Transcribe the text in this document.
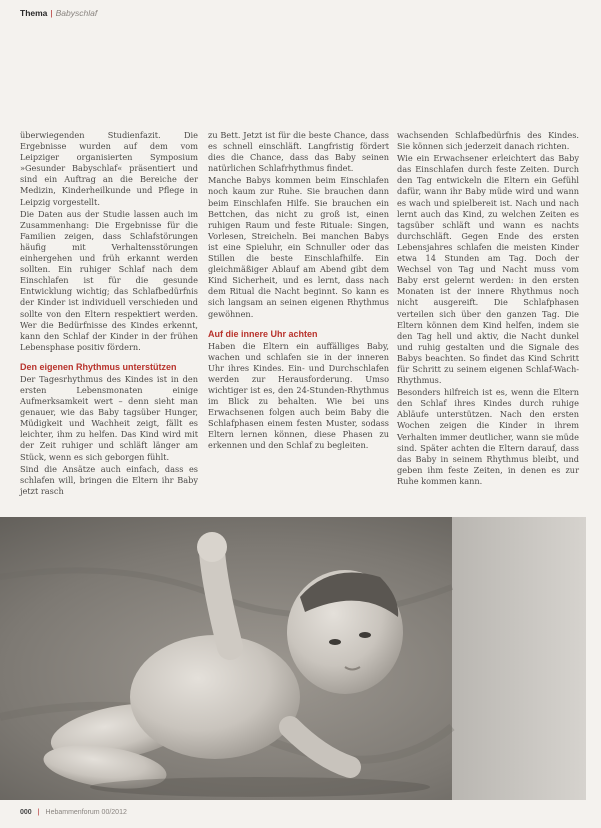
Thema | Babyschlaf

überwiegenden Studienfazit. Die Ergebnisse wurden auf dem vom Leipziger organisierten Symposium »Gesunder Babyschlaf« präsentiert und sind ein Auftrag an die Bereiche der Medizin, Kinderheilkunde und Pflege in Leipzig vorgestellt.

Die Daten aus der Studie lassen auch im Zusammenhang: Die Ergebnisse für die Familien zeigen, dass Schlafstörungen häufig mit Verhaltensstörungen einhergehen und früh erkannt werden sollten. Ein ruhiger Schlaf nach dem Einschlafen ist für die gesunde Entwicklung wichtig; das Schlafbedürfnis der Kinder ist individuell verschieden und sollte von den Eltern respektiert werden. Wer die Bedürfnisse des Kindes erkennt, kann den Schlaf der Kinder in der frühen Lebensphase positiv fördern.

Den eigenen Rhythmus unterstützen

Der Tagesrhythmus des Kindes ist in den ersten Lebensmonaten einige Aufmerksamkeit wert – denn sieht man genauer, wie das Baby tagsüber Hunger, Müdigkeit und Wachheit zeigt, fällt es leichter, ihm zu helfen. Das Kind wird mit der Zeit ruhiger und schläft länger am Stück, wenn es sich geborgen fühlt.

Sind die Ansätze auch einfach, dass es schlafen will, bringen die Eltern ihr Baby jetzt rasch

zu Bett. Jetzt ist für die beste Chance, dass es schnell einschläft. Langfristig fördert dies die Chance, dass das Baby seinen natürlichen Schlafrhythmus findet.

Manche Babys kommen beim Einschlafen noch kaum zur Ruhe. Sie brauchen dann beim Einschlafen Hilfe. Sie brauchen ein Bettchen, das nicht zu groß ist, einen ruhigen Raum und feste Rituale: Singen, Vorlesen, Streicheln. Bei manchen Babys ist eine Spieluhr, ein Schnuller oder das Stillen die beste Einschlafhilfe. Ein gleichmäßiger Ablauf am Abend gibt dem Kind Sicherheit, und es lernt, dass nach dem Ritual die Nacht beginnt. So kann es sich langsam an seinen eigenen Rhythmus gewöhnen.

Auf die innere Uhr achten

Haben die Eltern ein auffälliges Baby, wachen und schlafen sie in der inneren Uhr ihres Kindes. Ein- und Durchschlafen werden zur Herausforderung. Umso wichtiger ist es, den 24-Stunden-Rhythmus im Blick zu behalten. Wie bei uns Erwachsenen folgen auch beim Baby die Schlafphasen einem festen Muster, sodass Eltern lernen können, diese Phasen zu erkennen und den Schlaf zu begleiten.

wachsenden Schlafbedürfnis des Kindes. Sie können sich jederzeit danach richten.

Wie ein Erwachsener erleichtert das Baby das Einschlafen durch feste Zeiten. Durch den Tag entwickeln die Eltern ein Gefühl dafür, wann ihr Baby müde wird und wann es wach und spielbereit ist. Nach und nach lernt auch das Kind, zu welchen Zeiten es tagsüber schläft und wann es nachts durchschläft. Gegen Ende des ersten Lebensjahres schlafen die meisten Kinder etwa 14 Stunden am Tag. Doch der Wechsel von Tag und Nacht muss vom Baby erst gelernt werden: in den ersten Monaten ist der innere Rhythmus noch nicht ausgereift. Die Schlafphasen verteilen sich über den ganzen Tag. Die Eltern können dem Kind helfen, indem sie den Tag hell und aktiv, die Nacht dunkel und ruhig gestalten und die Signale des Babys beachten. So findet das Kind Schritt für Schritt zu seinem eigenen Schlaf-Wach-Rhythmus.

Besonders hilfreich ist es, wenn die Eltern den Schlaf ihres Kindes durch ruhige Abläufe unterstützen. Nach den ersten Wochen zeigen die Kinder in ihrem Verhalten immer deutlicher, wann sie müde sind. Später achten die Eltern darauf, dass das Baby in seinem Rhythmus bleibt, und geben ihm feste Zeiten, in denen es zur Ruhe kommen kann.

000 | Hebammenforum 00/2012
